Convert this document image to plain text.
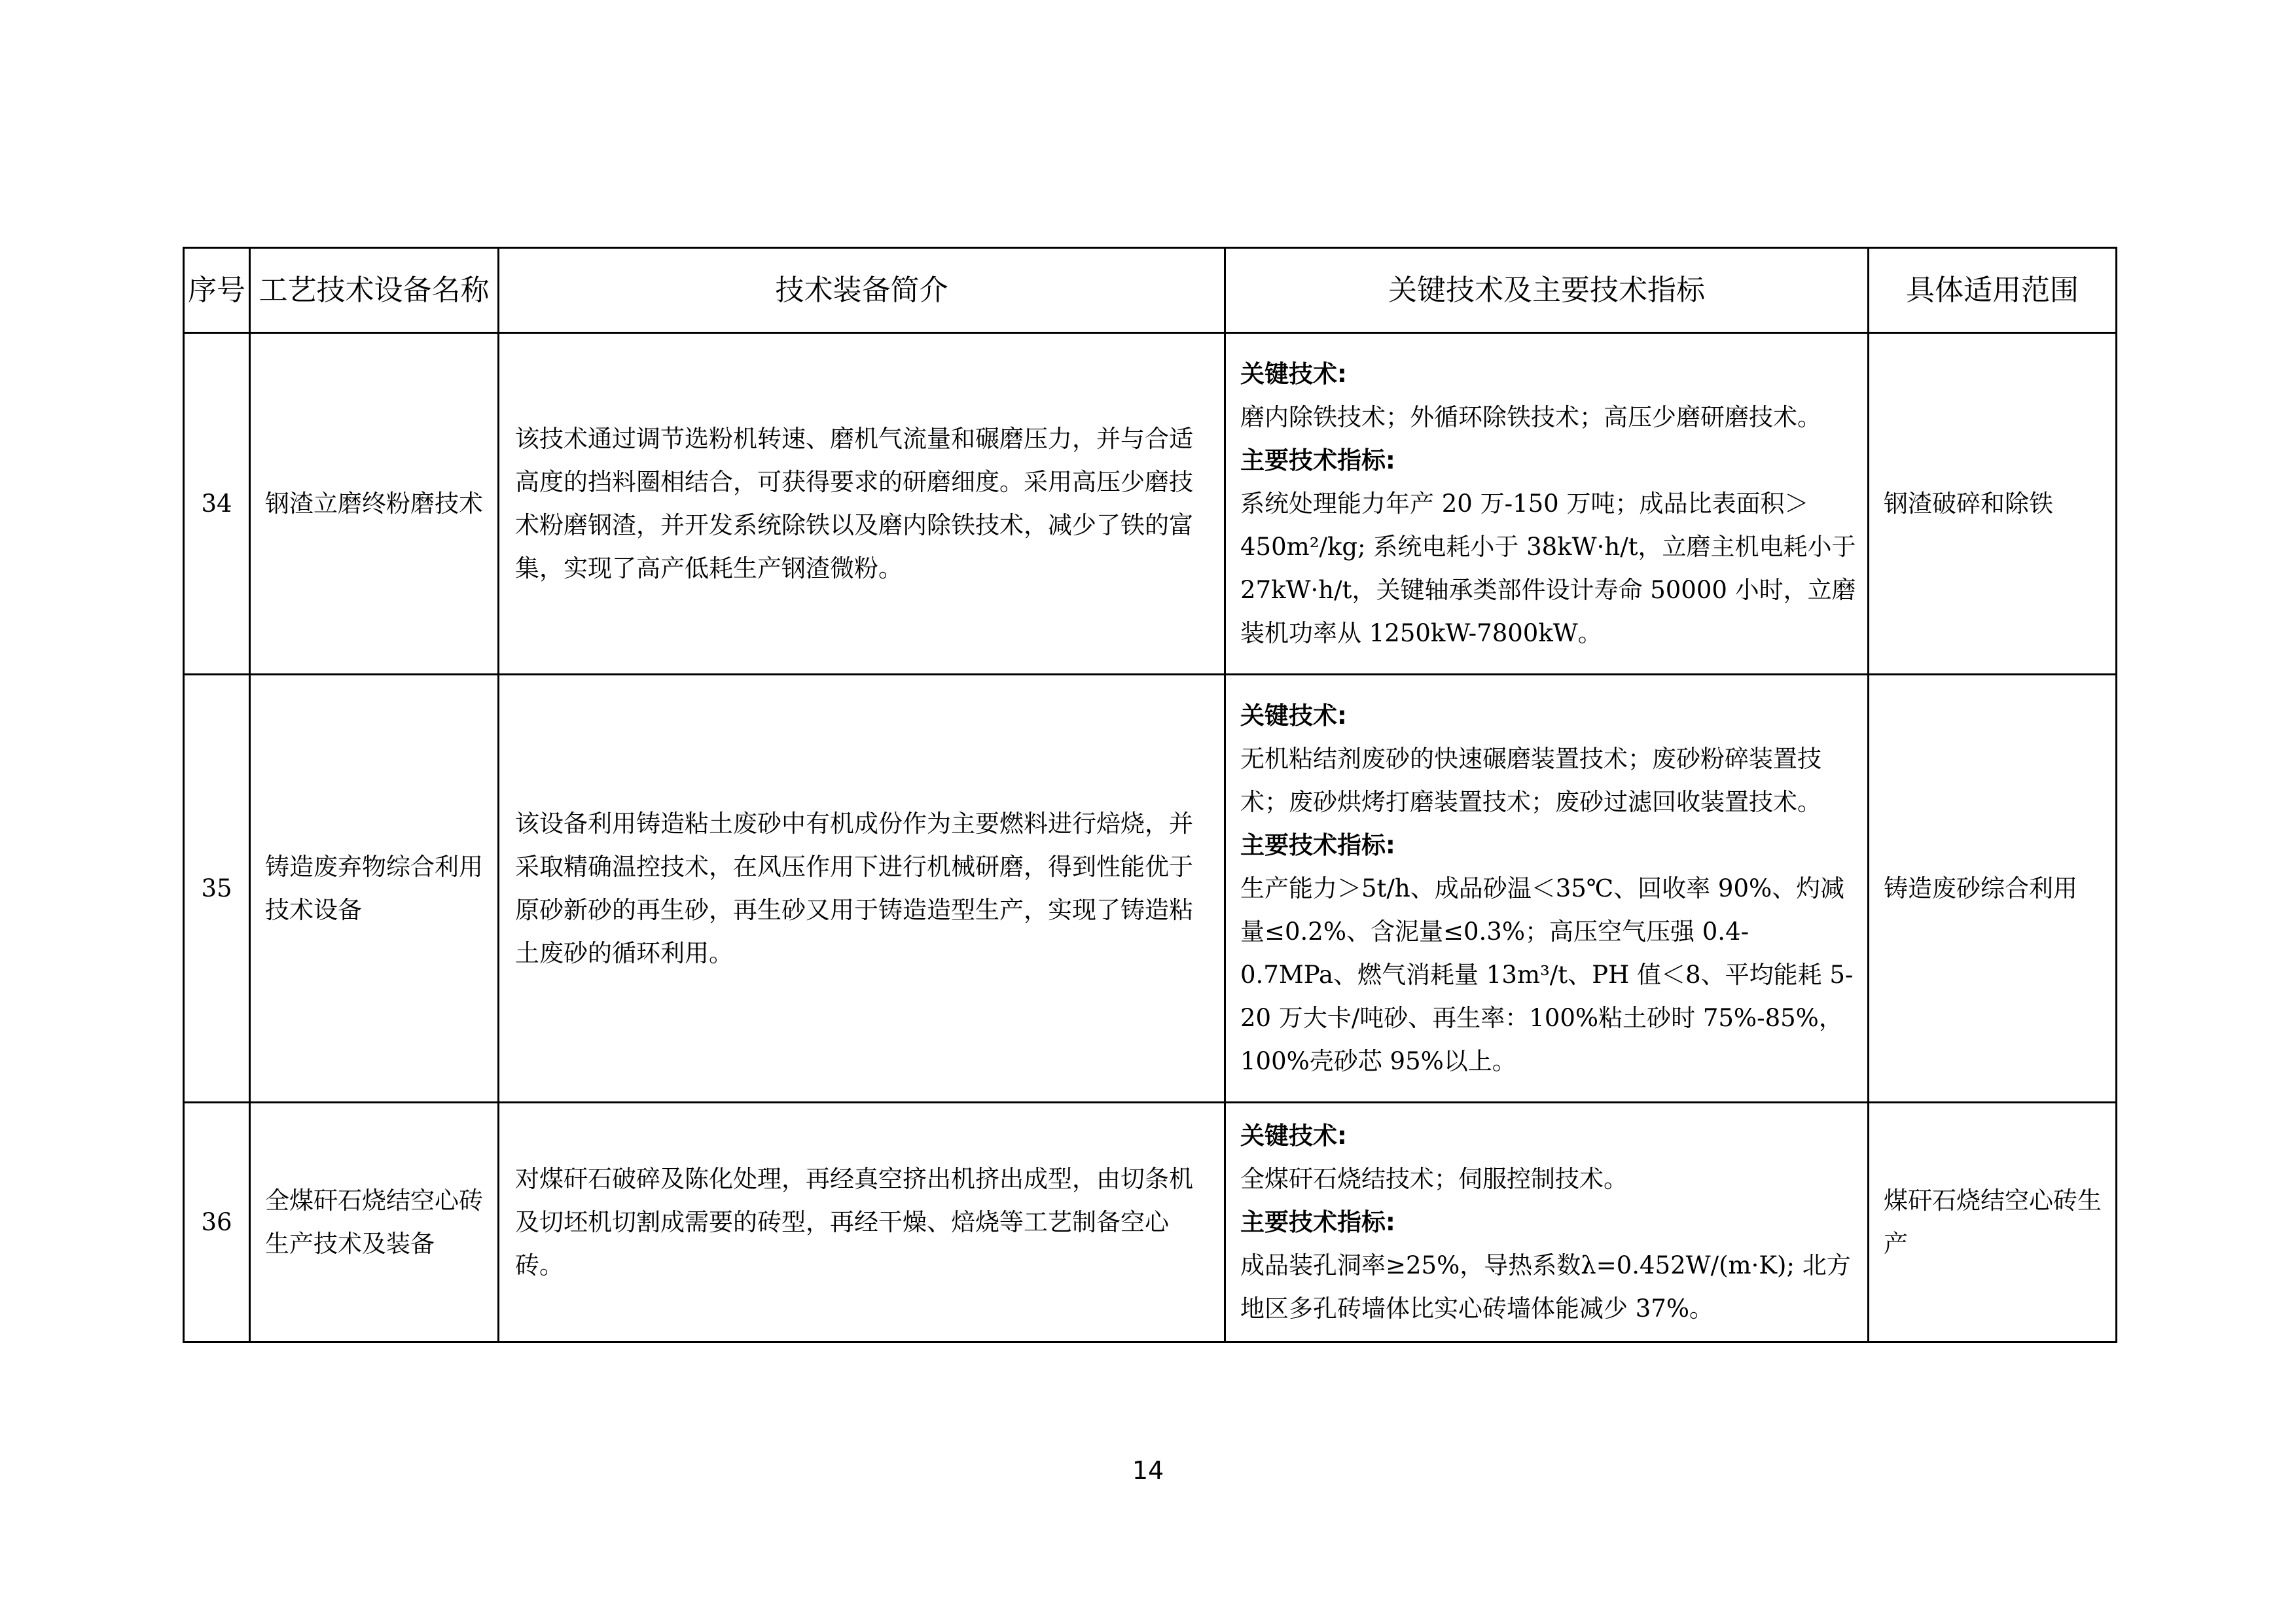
序号	工艺技术设备名称	技术装备简介	关键技术及主要技术指标	具体适用范围
34	钢渣立磨终粉磨技术	该技术通过调节选粉机转速、磨机气流量和碾磨压力，并与合适高度的挡料圈相结合，可获得要求的研磨细度。采用高压少磨技术粉磨钢渣，并开发系统除铁以及磨内除铁技术，减少了铁的富集，实现了高产低耗生产钢渣微粉。	关键技术:
磨内除铁技术；外循环除铁技术；高压少磨研磨技术。
主要技术指标:
系统处理能力年产 20 万-150 万吨；成品比表面积＞450m²/kg; 系统电耗小于 38kW·h/t，立磨主机电耗小于 27kW·h/t，关键轴承类部件设计寿命 50000 小时，立磨装机功率从 1250kW-7800kW。	钢渣破碎和除铁
35	铸造废弃物综合利用技术设备	该设备利用铸造粘土废砂中有机成份作为主要燃料进行焙烧，并采取精确温控技术，在风压作用下进行机械研磨，得到性能优于原砂新砂的再生砂，再生砂又用于铸造造型生产，实现了铸造粘土废砂的循环利用。	关键技术:
无机粘结剂废砂的快速碾磨装置技术；废砂粉碎装置技术；废砂烘烤打磨装置技术；废砂过滤回收装置技术。
主要技术指标:
生产能力＞5t/h、成品砂温＜35℃、回收率 90%、灼减量≤0.2%、含泥量≤0.3%；高压空气压强 0.4-0.7MPa、燃气消耗量 13m³/t、PH 值＜8、平均能耗 5-20 万大卡/吨砂、再生率：100%粘土砂时 75%-85%，100%壳砂芯 95%以上。	铸造废砂综合利用
36	全煤矸石烧结空心砖生产技术及装备	对煤矸石破碎及陈化处理，再经真空挤出机挤出成型，由切条机及切坯机切割成需要的砖型，再经干燥、焙烧等工艺制备空心砖。	关键技术:
全煤矸石烧结技术；伺服控制技术。
主要技术指标:
成品装孔洞率≥25%，导热系数λ=0.452W/(m·K); 北方地区多孔砖墙体比实心砖墙体能减少 37%。	煤矸石烧结空心砖生产
14
